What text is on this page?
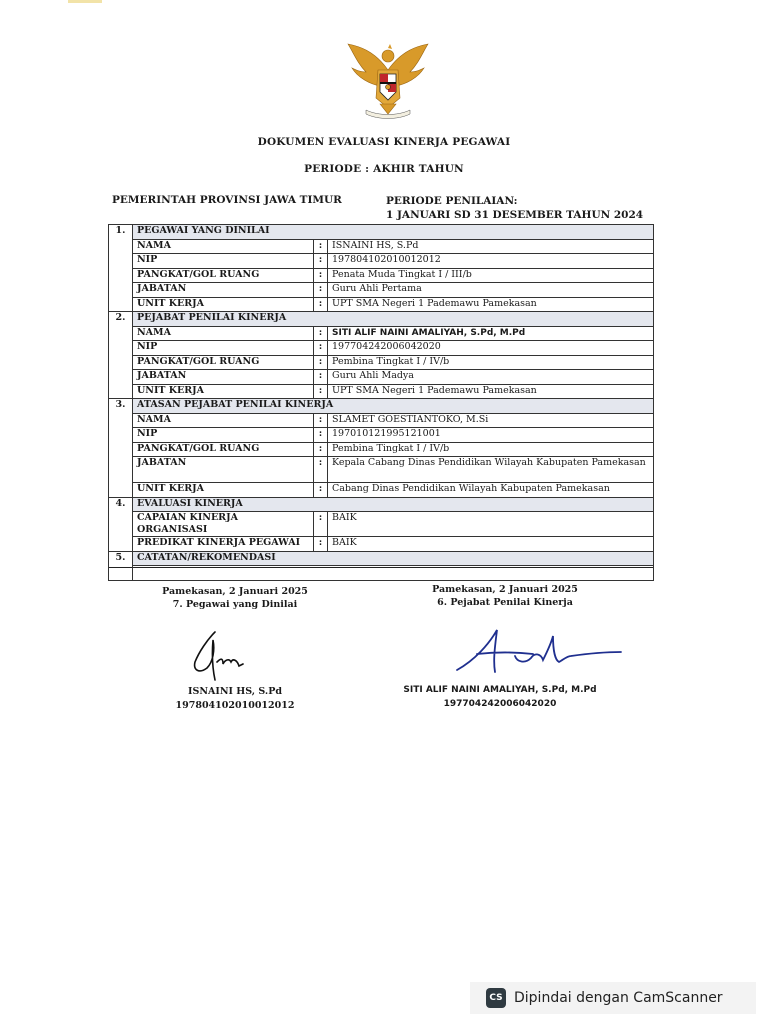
DOKUMEN EVALUASI KINERJA PEGAWAI
PERIODE : AKHIR TAHUN
PEMERINTAH PROVINSI JAWA TIMUR	PERIODE PENILAIAN:
1 JANUARI SD 31 DESEMBER TAHUN 2024
1.	PEGAWAI YANG DINILAI		
	NAMA	:	ISNAINI HS, S.Pd
	NIP	:	197804102010012012
	PANGKAT/GOL RUANG	:	Penata Muda Tingkat I / III/b
	JABATAN	:	Guru Ahli Pertama
	UNIT KERJA	:	UPT SMA Negeri 1 Pademawu Pamekasan
2.	PEJABAT PENILAI KINERJA		
	NAMA	:	SITI ALIF NAINI AMALIYAH, S.Pd, M.Pd
	NIP	:	197704242006042020
	PANGKAT/GOL RUANG	:	Pembina Tingkat I / IV/b
	JABATAN	:	Guru Ahli Madya
	UNIT KERJA	:	UPT SMA Negeri 1 Pademawu Pamekasan
3.	ATASAN PEJABAT PENILAI KINERJA		
	NAMA	:	SLAMET GOESTIANTOKO, M.Si
	NIP	:	197010121995121001
	PANGKAT/GOL RUANG	:	Pembina Tingkat I / IV/b
	JABATAN	:	Kepala Cabang Dinas Pendidikan Wilayah Kabupaten Pamekasan
	UNIT KERJA	:	Cabang Dinas Pendidikan Wilayah Kabupaten Pamekasan
4.	EVALUASI KINERJA		
	CAPAIAN KINERJA ORGANISASI	:	BAIK
	PREDIKAT KINERJA PEGAWAI	:	BAIK
5.	CATATAN/REKOMENDASI		

Pamekasan, 2 Januari 2025
7. Pegawai yang Dinilai
Pamekasan, 2 Januari 2025
6. Pejabat Penilai Kinerja
ISNAINI HS, S.Pd
197804102010012012
SITI ALIF NAINI AMALIYAH, S.Pd, M.Pd
197704242006042020
CS Dipindai dengan CamScanner
